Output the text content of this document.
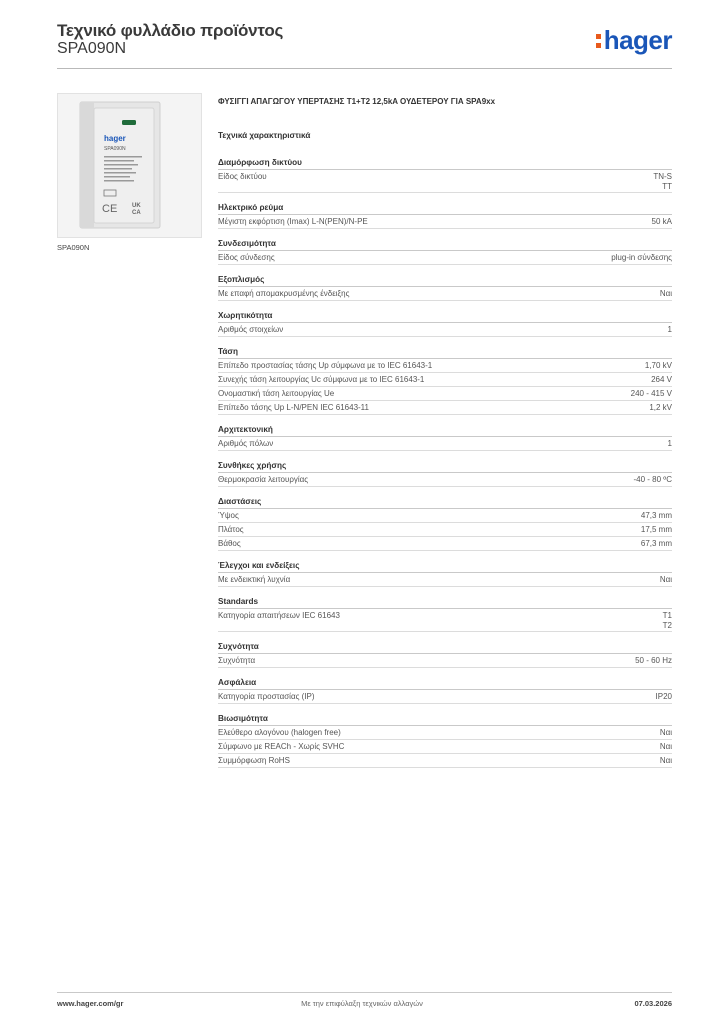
Τεχνικό φυλλάδιο προϊόντος
SPA090N	hager
hager
SPA090N
CE UK
CA
SPA090N
ΦΥΣΙΓΓΙ ΑΠΑΓΩΓΟΥ ΥΠΕΡΤΑΣΗΣ T1+T2 12,5kA ΟΥΔΕΤΕΡΟΥ ΓΙΑ SPA9xx
Τεχνικά χαρακτηριστικά
Διαμόρφωση δικτύου
Είδος δικτύου	TN-S
TT
Ηλεκτρικό ρεύμα
Μέγιστη εκφόρτιση (Imax) L-N(PEN)/N-PE	50 kA
Συνδεσιμότητα
Είδος σύνδεσης	plug-in σύνδεσης
Εξοπλισμός
Με επαφή απομακρυσμένης ένδειξης	Ναι
Χωρητικότητα
Αριθμός στοιχείων	1
Τάση
Επίπεδο προστασίας τάσης Up σύμφωνα με το IEC 61643-1	1,70 kV
Συνεχής τάση λειτουργίας Uc σύμφωνα με το IEC 61643-1	264 V
Ονομαστική τάση λειτουργίας Ue	240 - 415 V
Επίπεδο τάσης Up L-N/PEN IEC 61643-11	1,2 kV
Αρχιτεκτονική
Αριθμός πόλων	1
Συνθήκες χρήσης
Θερμοκρασία λειτουργίας	-40 - 80 ºC
Διαστάσεις
Ύψος	47,3 mm
Πλάτος	17,5 mm
Βάθος	67,3 mm
Έλεγχοι και ενδείξεις
Με ενδεικτική λυχνία	Ναι
Standards
Κατηγορία απαιτήσεων IEC 61643	T1
T2
Συχνότητα
Συχνότητα	50 - 60 Hz
Ασφάλεια
Κατηγορία προστασίας (IP)	IP20
Βιωσιμότητα
Ελεύθερο αλογόνου (halogen free)	Ναι
Σύμφωνο με REACh - Χωρίς SVHC	Ναι
Συμμόρφωση RoHS	Ναι
www.hager.com/gr	Με την επιφύλαξη τεχνικών αλλαγών	07.03.2026
